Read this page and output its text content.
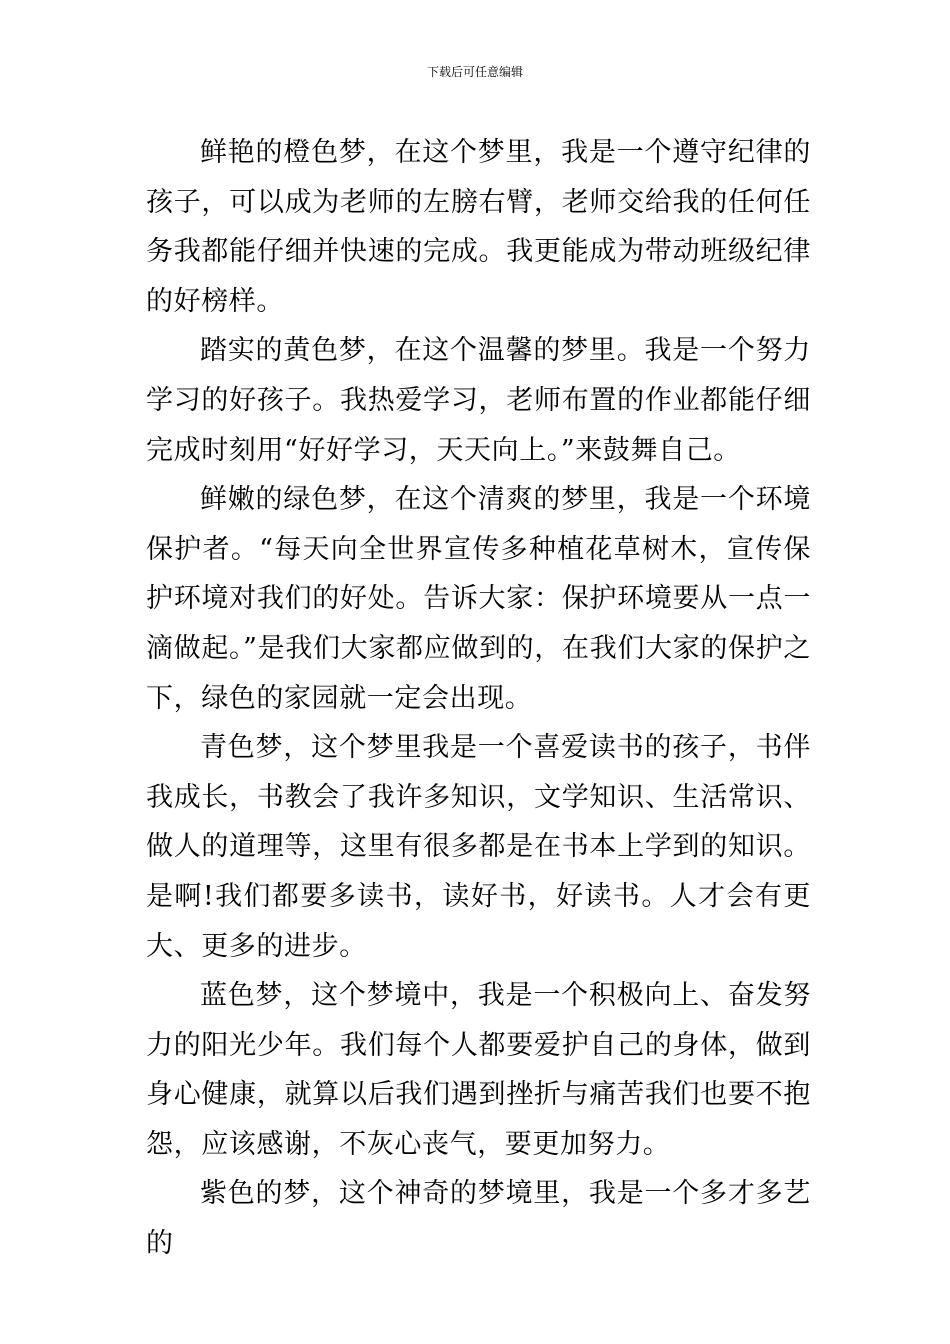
下载后可任意编辑

鲜艳的橙色梦，在这个梦里，我是一个遵守纪律的孩子，可以成为老师的左膀右臂，老师交给我的任何任务我都能仔细并快速的完成。我更能成为带动班级纪律的好榜样。

踏实的黄色梦，在这个温馨的梦里。我是一个努力学习的好孩子。我热爱学习，老师布置的作业都能仔细完成时刻用“好好学习，天天向上。”来鼓舞自己。

鲜嫩的绿色梦，在这个清爽的梦里，我是一个环境保护者。“每天向全世界宣传多种植花草树木，宣传保护环境对我们的好处。告诉大家：保护环境要从一点一滴做起。”是我们大家都应做到的，在我们大家的保护之下，绿色的家园就一定会出现。

青色梦，这个梦里我是一个喜爱读书的孩子，书伴我成长，书教会了我许多知识，文学知识、生活常识、做人的道理等，这里有很多都是在书本上学到的知识。是啊!我们都要多读书，读好书，好读书。人才会有更大、更多的进步。

蓝色梦，这个梦境中，我是一个积极向上、奋发努力的阳光少年。我们每个人都要爱护自己的身体，做到身心健康，就算以后我们遇到挫折与痛苦我们也要不抱怨，应该感谢，不灰心丧气，要更加努力。

紫色的梦，这个神奇的梦境里，我是一个多才多艺的
